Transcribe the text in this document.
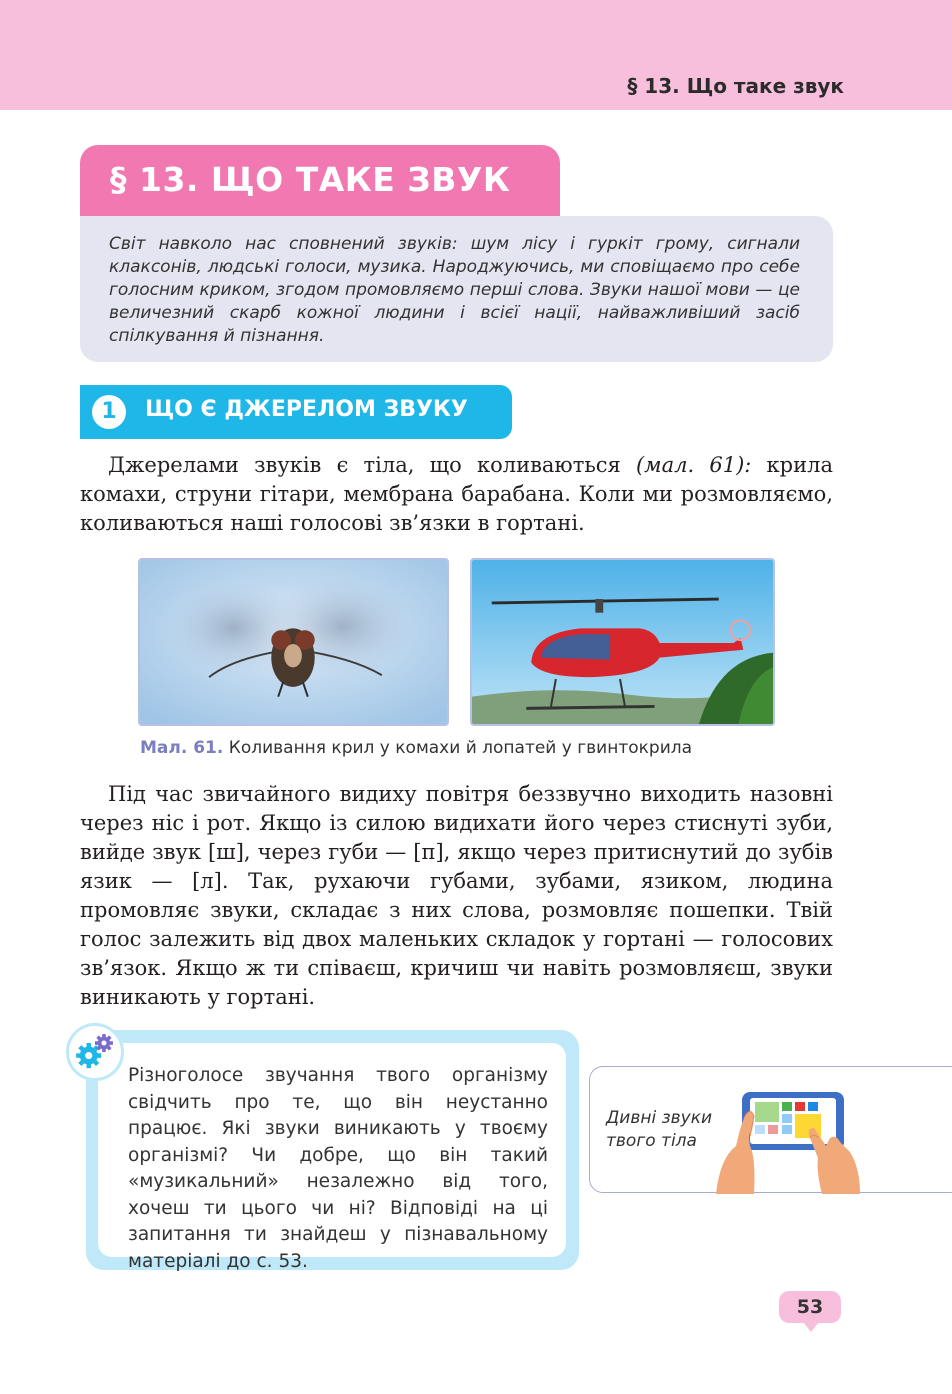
§ 13. Що таке звук
§ 13. ЩО ТАКЕ ЗВУК
Світ навколо нас сповнений звуків: шум лісу і гуркіт грому, сигнали клаксонів, людські голоси, музика. Народжуючись, ми сповіщаємо про себе голосним криком, згодом промовляємо перші слова. Звуки нашої мови — це величезний скарб кожної людини і всієї нації, найважливіший засіб спілкування й пізнання.
1	ЩО Є ДЖЕРЕЛОМ ЗВУКУ

Джерелами звуків є тіла, що коливаються (мал. 61): крила комахи, струни гітари, мембрана барабана. Коли ми розмовляємо, коливаються наші голосові зв’язки в гортані.

Мал. 61. Коливання крил у комахи й лопатей у гвинтокрила

Під час звичайного видиху повітря беззвучно виходить назовні через ніс і рот. Якщо із силою видихати його через стиснуті зуби, вийде звук [ш], через губи — [п], якщо через притиснутий до зубів язик — [л]. Так, рухаючи губами, зубами, язиком, людина промовляє звуки, складає з них слова, розмовляє пошепки. Твій голос залежить від двох маленьких складок у гортані — голосових зв’язок. Якщо ж ти співаєш, кричиш чи навіть розмовляєш, звуки виникають у гортані.

Різноголосе звучання твого організму свідчить про те, що він неустанно працює. Які звуки виникають у твоєму організмі? Чи добре, що він такий «музикальний» незалежно від того, хочеш ти цього чи ні? Відповіді на ці запитання ти знайдеш у пізнавальному матеріалі до с. 53.
Дивні звуки твого тіла
53
